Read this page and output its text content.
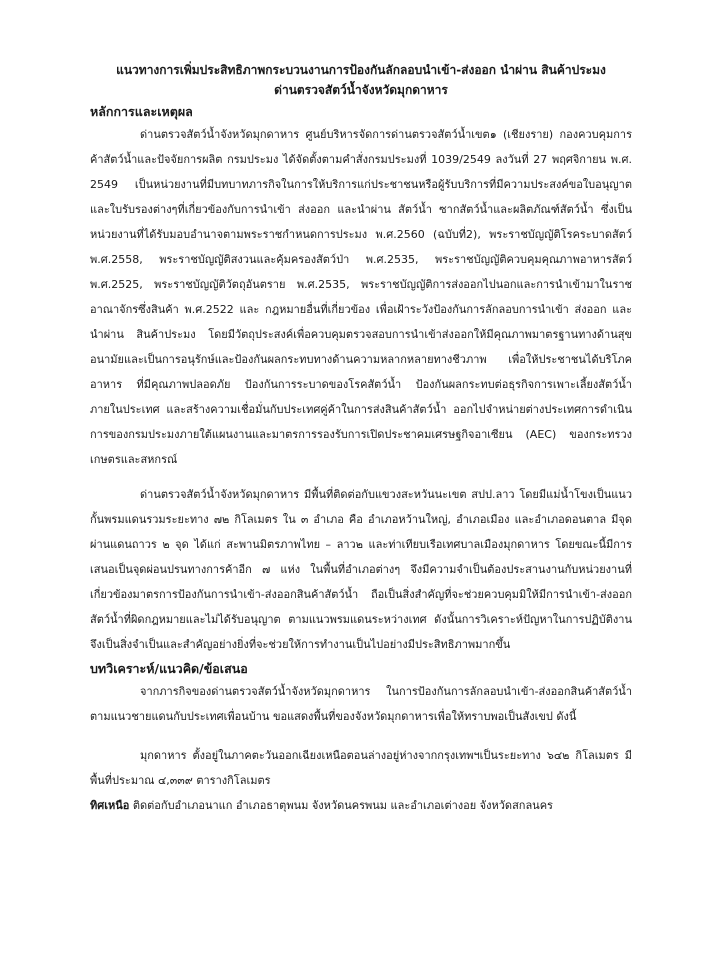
แนวทางการเพิ่มประสิทธิภาพกระบวนงานการป้องกันลักลอบนำเข้า-ส่งออก นำผ่าน สินค้าประมง

ด่านตรวจสัตว์น้ำจังหวัดมุกดาหาร

หลักการและเหตุผล

ด่านตรวจสัตว์น้ำจังหวัดมุกดาหาร ศูนย์บริหารจัดการด่านตรวจสัตว์น้ำเขต๑ (เชียงราย) กองควบคุมการค้าสัตว์น้ำและปัจจัยการผลิต กรมประมง ได้จัดตั้งตามคำสั่งกรมประมงที่ 1039/2549 ลงวันที่ 27 พฤศจิกายน พ.ศ. 2549 เป็นหน่วยงานที่มีบทบาทภารกิจในการให้บริการแก่ประชาชนหรือผู้รับบริการที่มีความประสงค์ขอใบอนุญาตและใบรับรองต่างๆที่เกี่ยวข้องกับการนำเข้า ส่งออก และนำผ่าน สัตว์น้ำ ซากสัตว์น้ำและผลิตภัณฑ์สัตว์น้ำ ซึ่งเป็นหน่วยงานที่ได้รับมอบอำนาจตามพระราชกำหนดการประมง พ.ศ.2560 (ฉบับที่2), พระราชบัญญัติโรคระบาดสัตว์ พ.ศ.2558, พระราชบัญญัติสงวนและคุ้มครองสัตว์ป่า พ.ศ.2535, พระราชบัญญัติควบคุมคุณภาพอาหารสัตว์ พ.ศ.2525, พระราชบัญญัติวัตถุอันตราย พ.ศ.2535, พระราชบัญญัติการส่งออกไปนอกและการนำเข้ามาในราชอาณาจักรซึ่งสินค้า พ.ศ.2522 และ กฎหมายอื่นที่เกี่ยวข้อง เพื่อเฝ้าระวังป้องกันการลักลอบการนำเข้า ส่งออก และนำผ่าน สินค้าประมง โดยมีวัตถุประสงค์เพื่อควบคุมตรวจสอบการนำเข้าส่งออกให้มีคุณภาพมาตรฐานทางด้านสุขอนามัยและเป็นการอนุรักษ์และป้องกันผลกระทบทางด้านความหลากหลายทางชีวภาพ เพื่อให้ประชาชนได้บริโภคอาหาร ที่มีคุณภาพปลอดภัย ป้องกันการระบาดของโรคสัตว์น้ำ ป้องกันผลกระทบต่อธุรกิจการเพาะเลี้ยงสัตว์น้ำภายในประเทศ และสร้างความเชื่อมั่นกับประเทศคู่ค้าในการส่งสินค้าสัตว์น้ำ ออกไปจำหน่ายต่างประเทศการดำเนินการของกรมประมงภายใต้แผนงานและมาตรการรองรับการเปิดประชาคมเศรษฐกิจอาเซียน (AEC) ของกระทรวงเกษตรและสหกรณ์

ด่านตรวจสัตว์น้ำจังหวัดมุกดาหาร มีพื้นที่ติดต่อกับแขวงสะหวันนะเขต สปป.ลาว โดยมีแม่น้ำโขงเป็นแนวกั้นพรมแดนรวมระยะทาง ๗๒ กิโลเมตร ใน ๓ อำเภอ คือ อำเภอหว้านใหญ่, อำเภอเมือง และอำเภอดอนตาล มีจุดผ่านแดนถาวร ๒ จุด ได้แก่ สะพานมิตรภาพไทย – ลาว๒ และท่าเทียบเรือเทศบาลเมืองมุกดาหาร โดยขณะนี้มีการเสนอเป็นจุดผ่อนปรนทางการค้าอีก ๗ แห่ง ในพื้นที่อำเภอต่างๆ จึงมีความจำเป็นต้องประสานงานกับหน่วยงานที่เกี่ยวข้องมาตรการป้องกันการนำเข้า-ส่งออกสินค้าสัตว์น้ำ ถือเป็นสิ่งสำคัญที่จะช่วยควบคุมมิให้มีการนำเข้า-ส่งออกสัตว์น้ำที่ผิดกฎหมายและไม่ได้รับอนุญาต ตามแนวพรมแดนระหว่างเทศ ดังนั้นการวิเคราะห์ปัญหาในการปฏิบัติงาน จึงเป็นสิ่งจำเป็นและสำคัญอย่างยิ่งที่จะช่วยให้การทำงานเป็นไปอย่างมีประสิทธิภาพมากขึ้น

บทวิเคราะห์/แนวคิด/ข้อเสนอ

จากภารกิจของด่านตรวจสัตว์น้ำจังหวัดมุกดาหาร ในการป้องกันการลักลอบนำเข้า-ส่งออกสินค้าสัตว์น้ำ ตามแนวชายแดนกับประเทศเพื่อนบ้าน ขอแสดงพื้นที่ของจังหวัดมุกดาหารเพื่อให้ทราบพอเป็นสังเขป ดังนี้

มุกดาหาร ตั้งอยู่ในภาคตะวันออกเฉียงเหนือตอนล่างอยู่ห่างจากกรุงเทพฯเป็นระยะทาง ๖๔๒ กิโลเมตร มีพื้นที่ประมาณ ๔,๓๓๙ ตารางกิโลเมตร

ทิศเหนือ ติดต่อกับอำเภอนาแก อำเภอธาตุพนม จังหวัดนครพนม และอำเภอเต่างอย จังหวัดสกลนคร
